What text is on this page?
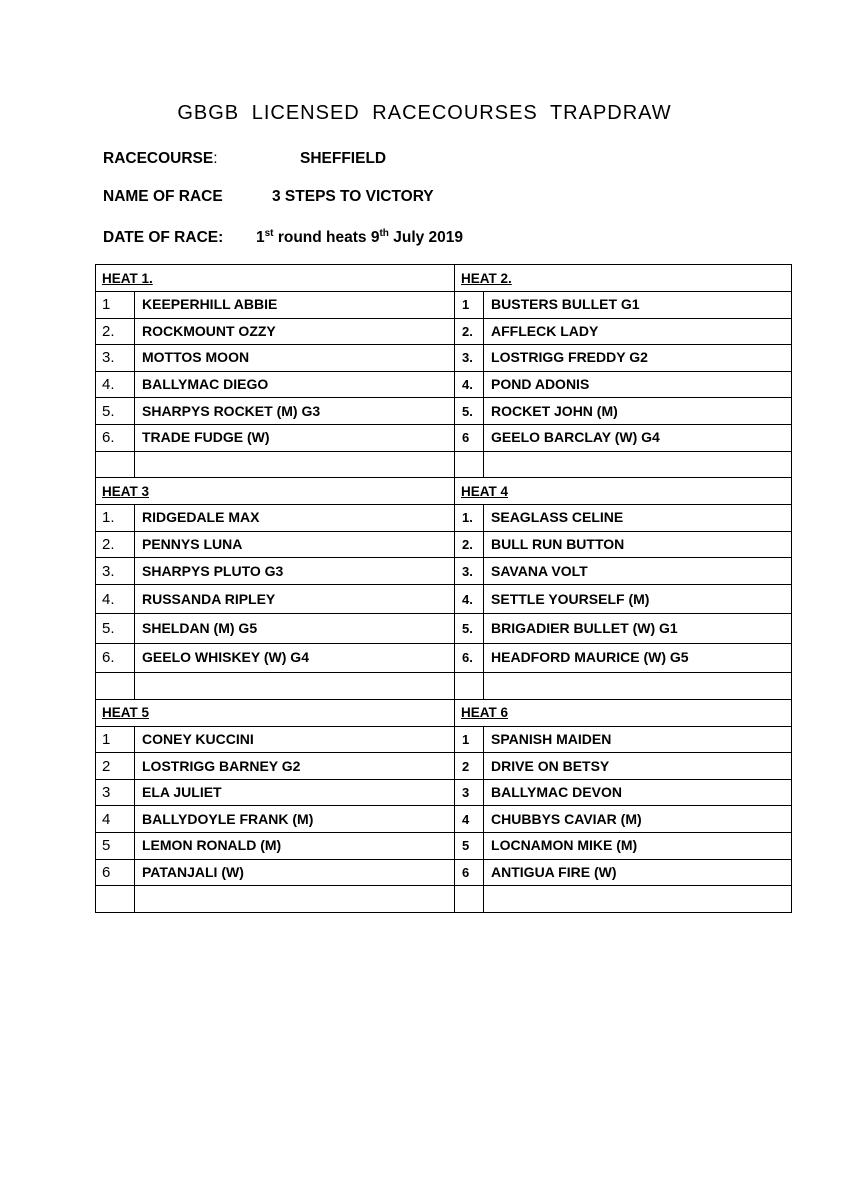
GBGB LICENSED RACECOURSES TRAPDRAW
RACECOURSE:	SHEFFIELD
NAME OF RACE	3 STEPS TO VICTORY
DATE OF RACE: 1st round heats 9th July 2019
HEAT 1.		HEAT 2.	
1	KEEPERHILL ABBIE	1	BUSTERS BULLET G1
2.	ROCKMOUNT OZZY	2.	AFFLECK LADY
3.	MOTTOS MOON	3.	LOSTRIGG FREDDY G2
4.	BALLYMAC DIEGO	4.	POND ADONIS
5.	SHARPYS ROCKET (M) G3	5.	ROCKET JOHN (M)
6.	TRADE FUDGE (W)	6	GEELO BARCLAY (W) G4

HEAT 3		HEAT 4	
1.	RIDGEDALE MAX	1.	SEAGLASS CELINE
2.	PENNYS LUNA	2.	BULL RUN BUTTON
3.	SHARPYS PLUTO G3	3.	SAVANA VOLT
4.	RUSSANDA RIPLEY	4.	SETTLE YOURSELF (M)
5.	SHELDAN (M) G5	5.	BRIGADIER BULLET (W) G1
6.	GEELO WHISKEY (W) G4	6.	HEADFORD MAURICE (W) G5

HEAT 5		HEAT 6	
1	CONEY KUCCINI	1	SPANISH MAIDEN
2	LOSTRIGG BARNEY G2	2	DRIVE ON BETSY
3	ELA JULIET	3	BALLYMAC DEVON
4	BALLYDOYLE FRANK (M)	4	CHUBBYS CAVIAR (M)
5	LEMON RONALD (M)	5	LOCNAMON MIKE (M)
6	PATANJALI (W)	6	ANTIGUA FIRE (W)
